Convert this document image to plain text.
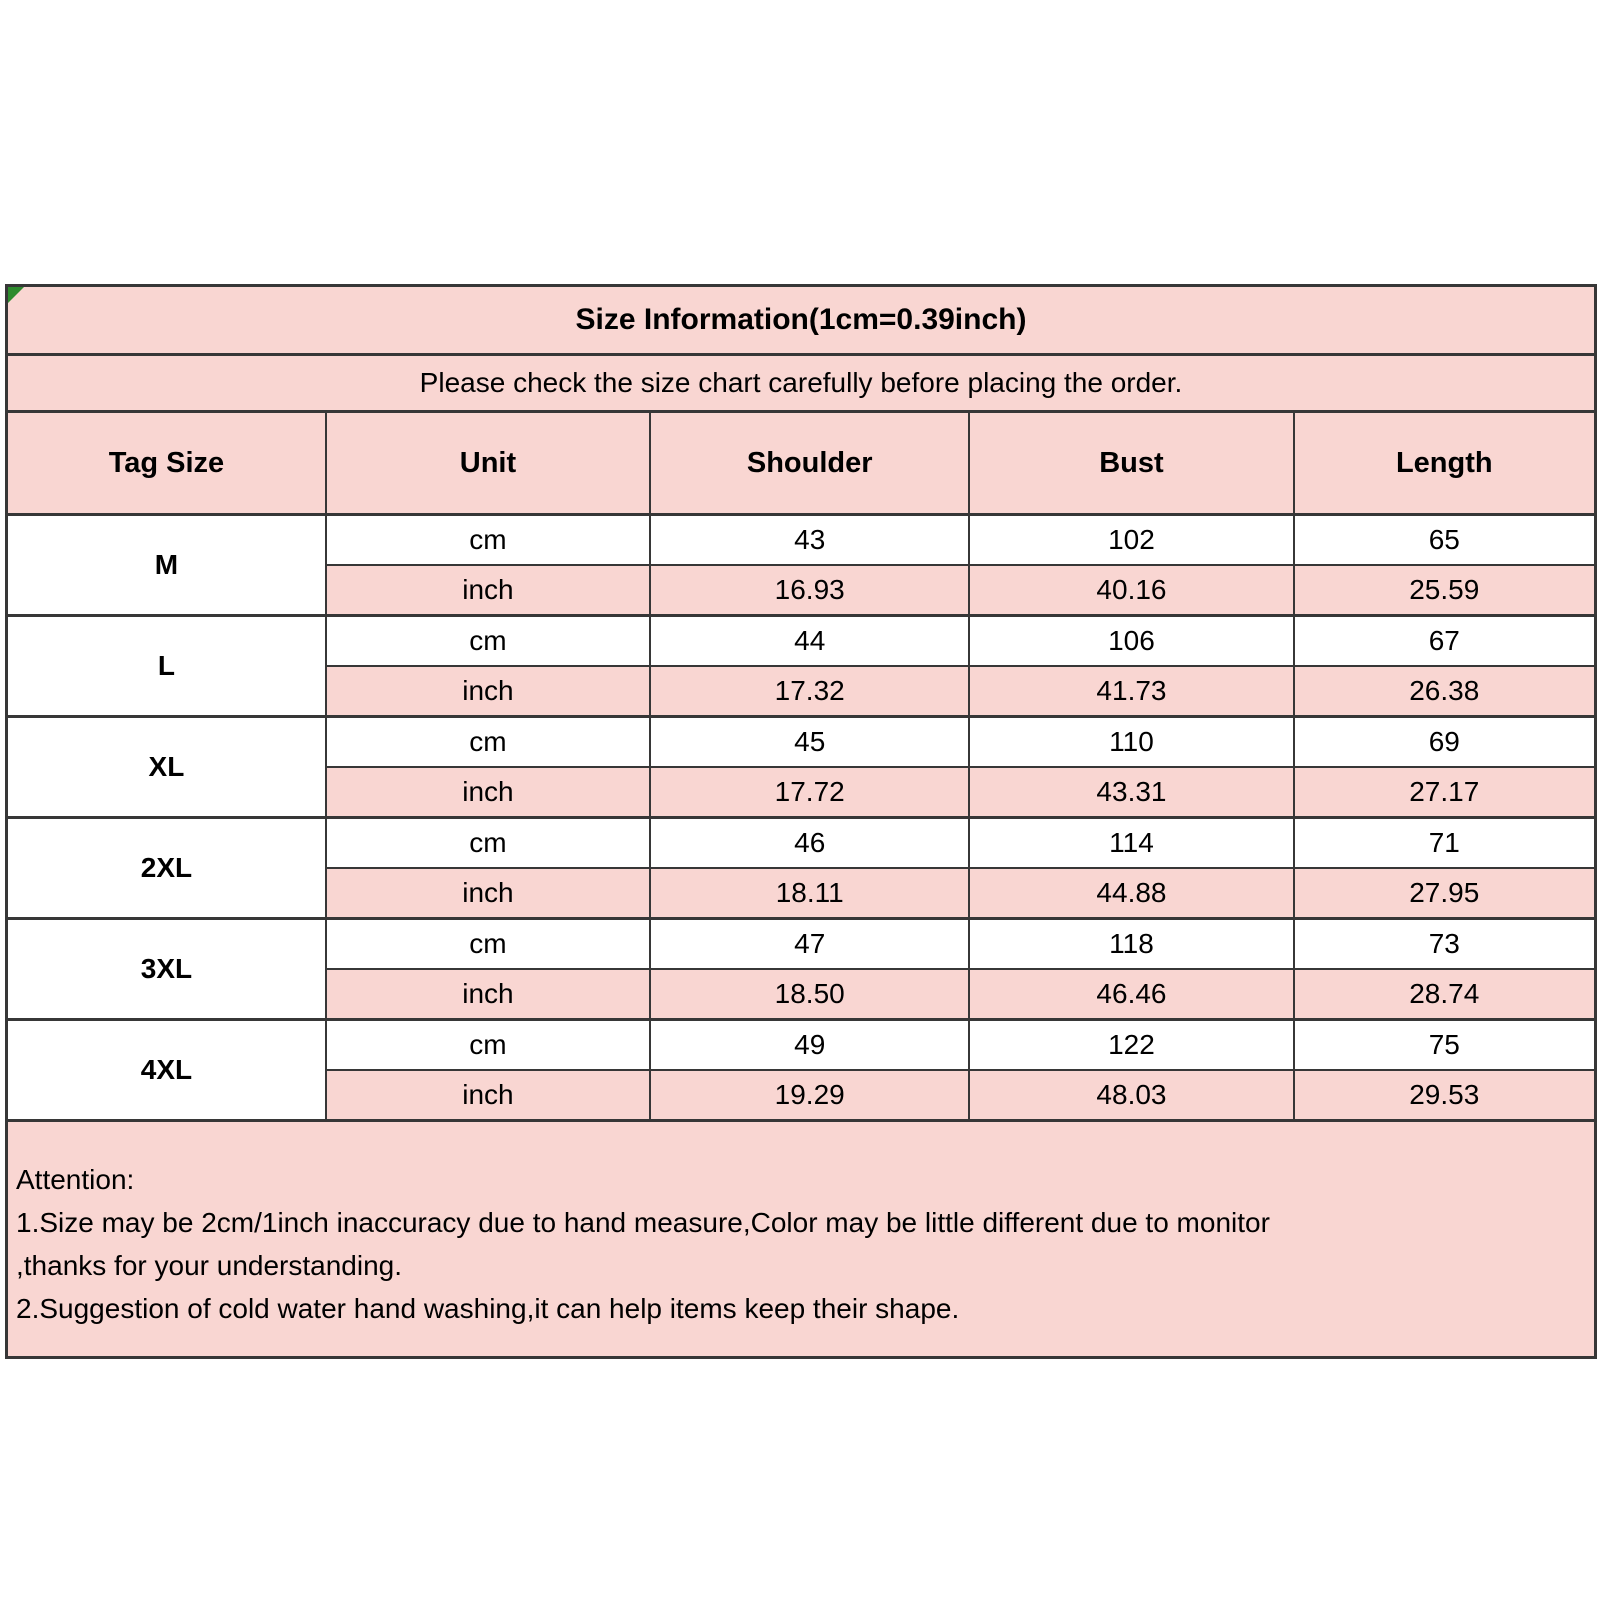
Size Information(1cm=0.39inch)				
Please check the size chart carefully before placing the order.				
Tag Size	Unit	Shoulder	Bust	Length
M	cm	43	102	65
	inch	16.93	40.16	25.59
L	cm	44	106	67
	inch	17.32	41.73	26.38
XL	cm	45	110	69
	inch	17.72	43.31	27.17
2XL	cm	46	114	71
	inch	18.11	44.88	27.95
3XL	cm	47	118	73
	inch	18.50	46.46	28.74
4XL	cm	49	122	75
	inch	19.29	48.03	29.53

Attention:
1.Size may be 2cm/1inch inaccuracy due to hand measure,Color may be little different due to monitor
,thanks for your understanding.
2.Suggestion of cold water hand washing,it can help items keep their shape.				
